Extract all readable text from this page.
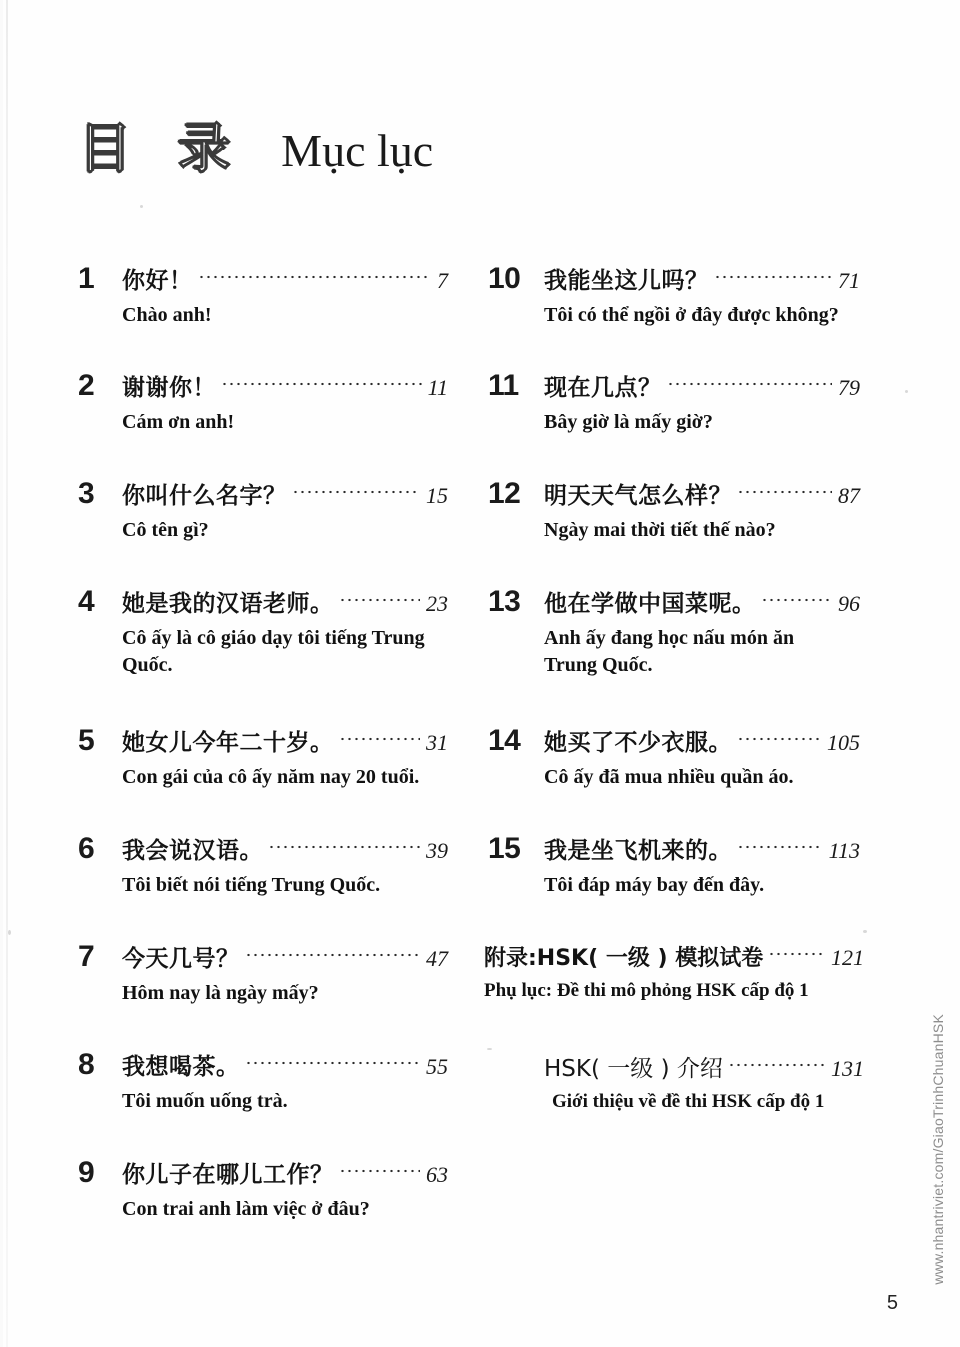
目 录 Mục lục
1	你好！	7
Chào anh!
2	谢谢你！	11
Cám ơn anh!
3	你叫什么名字？	15
Cô tên gì?
4	她是我的汉语老师。	23
Cô ấy là cô giáo dạy tôi tiếng Trung Quốc.
5	她女儿今年二十岁。	31
Con gái của cô ấy năm nay 20 tuổi.
6	我会说汉语。	39
Tôi biết nói tiếng Trung Quốc.
7	今天几号？	47
Hôm nay là ngày mấy?
8	我想喝茶。	55
Tôi muốn uống trà.
9	你儿子在哪儿工作？	63
Con trai anh làm việc ở đâu?
10	我能坐这儿吗？	71
Tôi có thể ngồi ở đây được không?
11	现在几点？	79
Bây giờ là mấy giờ?
12	明天天气怎么样？	87
Ngày mai thời tiết thế nào?
13	他在学做中国菜呢。	96
Anh ấy đang học nấu món ăn Trung Quốc.
14	她买了不少衣服。	105
Cô ấy đã mua nhiều quần áo.
15	我是坐飞机来的。	113
Tôi đáp máy bay đến đây.
附录:HSK( 一级 ) 模拟试卷	121
Phụ lục: Đề thi mô phỏng HSK cấp độ 1
HSK( 一级 ) 介绍	131
Giới thiệu về đề thi HSK cấp độ 1	www.nhantriviet.com/GiaoTrinhChuanHSK
5
